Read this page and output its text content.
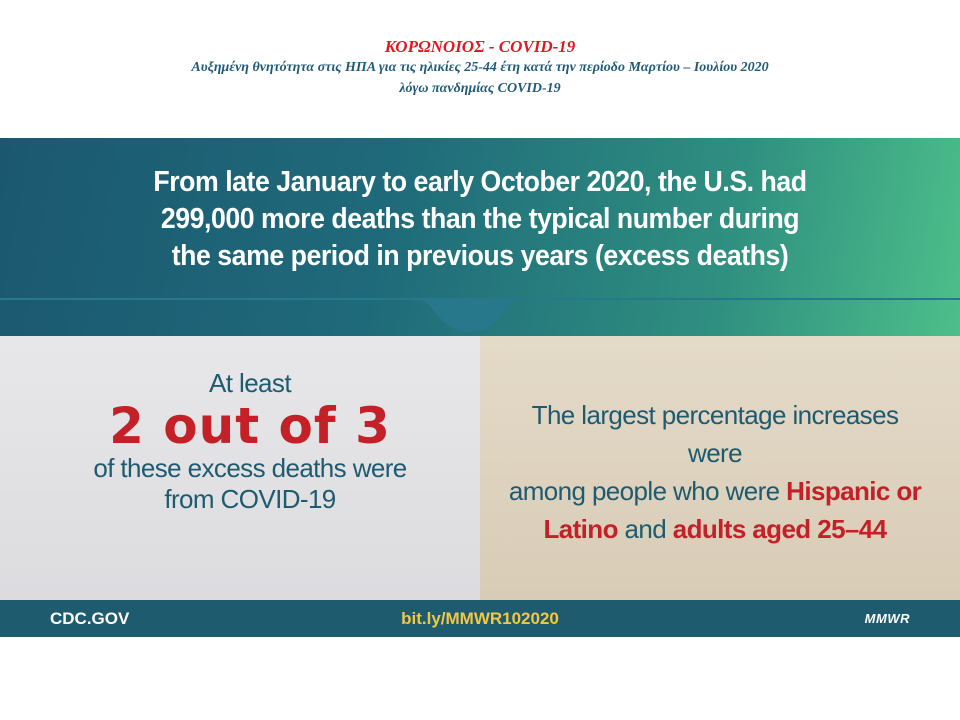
ΚΟΡΩΝΟΙΟΣ - COVID-19
Αυξημένη θνητότητα στις ΗΠΑ για τις ηλικίες 25-44 έτη κατά την περίοδο Μαρτίου – Ιουλίου 2020
λόγω πανδημίας COVID-19
From late January to early October 2020, the U.S. had
299,000 more deaths than the typical number during
the same period in previous years (excess deaths)
At least
2 out of 3
of these excess deaths were
from COVID-19
The largest percentage increases were
among people who were Hispanic or
Latino and adults aged 25–44
CDC.GOV	bit.ly/MMWR102020	MMWR
